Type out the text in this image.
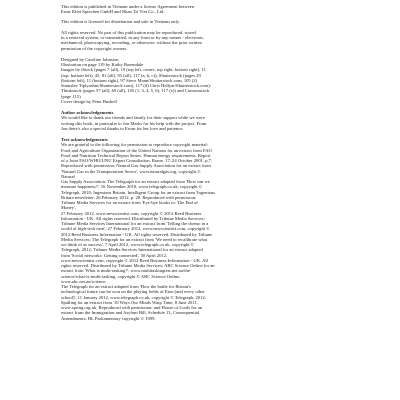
This edition is published in Vietnam under a license Agreement between

Ernst Klett Sprachen GmbH and Nhan Tri Viet Co., Ltd.

This edition is licensed for distribution and sale in Vietnam only.

All rights reserved. No part of this publication may be reproduced, stored

in a retrieval system, or transmitted, in any form or by any means - electronic,

mechanical, photocopying, recording, or otherwise, without the prior written

permission of the copyright owners.

Designed by Caroline Johnston

Illustration on page 119 by Kathy Baxendale

Images by iStock (pages 7 (all), 19 (top left, centre, top right, bottom right), 11

(top, bottom left), 45, 81 (all), 93 (all), 117 (a, b, c)); Shutterstock (pages 29

(bottom left), 11 (bottom right), 97 Steve Mann/Shutterstock.com, 105 (2)

Stanislav Tiplyashin/Shutterstock.com), 117 (d) Chris Hellyar/Shutterstock.com);

Thinkstock (pages 57 (all), 69 (all), 105 (1, 3, 4, 5, 6), 117 (e)) and Cartoonstock

(page 115)

Cover design by Peter Bushell

Author acknowledgements

We would like to thank our friends and family for their support while we were

writing this book, in particular to Jon Marks for his help with the project. From

Jon there's also a special thanks to Ewan for her love and patience.

Text acknowledgements

We are grateful to the following for permission to reproduce copyright material:

Food and Agriculture Organization of the United Nations for an extract from FAO

Food and Nutrition Technical Report Series. Human energy requirements. Report

of a Joint FAO/WHO/UNU Expert Consultation, Rome, 17–24 October 2001, p.7.

Reproduced with permission; Natural Gas Supply Association for an extract from

'Natural Gas in the Transportation Sector', www.naturalgas.org, copyright ©

Natural

Gas Supply Association; The Telegraph for an extract adapted from 'How can we

measure happiness?', 16 November 2010, www.telegraph.co.uk, copyright ©

Telegraph, 2010; Ingenious Britain, Intelligent Group for an extract from 'Ingenious

Britain newsletter, 26 February 2012, p. 28. Reproduced with permission;

Tribune Media Services for an extract from 'Eye-bye books to: The End of

Money',

27 February 2012, www.newscientist.com, copyright © 2012 Reed Business

Information - UK. All rights reserved. Distributed by Tribune Media Services;

Tribune Media Services International for an extract from 'Telling the chemo in a

world of high-tech treat', 27 February 2012, www.newscientist.com, copyright ©

2012 Reed Business Information - UK. All rights reserved. Distributed by Tribune

Media Services; The Telegraph for an extract from 'We need to recalibrate what

we think of as success', 7 April 2012, www.telegraph.co.uk, copyright ©

Telegraph, 2012; Tribune Media Services International for an extract adapted

from 'Social networks: Getting connected', 30 April 2012,

www.newscientist.com, copyright © 2012 Reed Business Information - UK. All

rights reserved. Distributed by Tribune Media Services; ABC Science Online for an

extract from 'What is multi-tasking?', www.multitaskingtest.net.au/the-

science/what-is-multi-tasking, copyright © ABC Science Online,

www.abc.net.au/science;

The Telegraph for an extract adapted from 'How the battle for Britain's

technological future can be won on the playing fields of Eton (and every other

school)', 11 January 2012, www.telegraph.co.uk, copyright © Telegraph, 2012;

Spalling for an extract from '10 Ways Our Minds Warp Time, 8 June 2011,

www.spring.org.uk. Reproduced with permission; and House of Lords for an

extract from the Immigration and Asylum Bill, Schedule 13, Consequential

Amendments, HL Parliamentary copyright © 1999.
